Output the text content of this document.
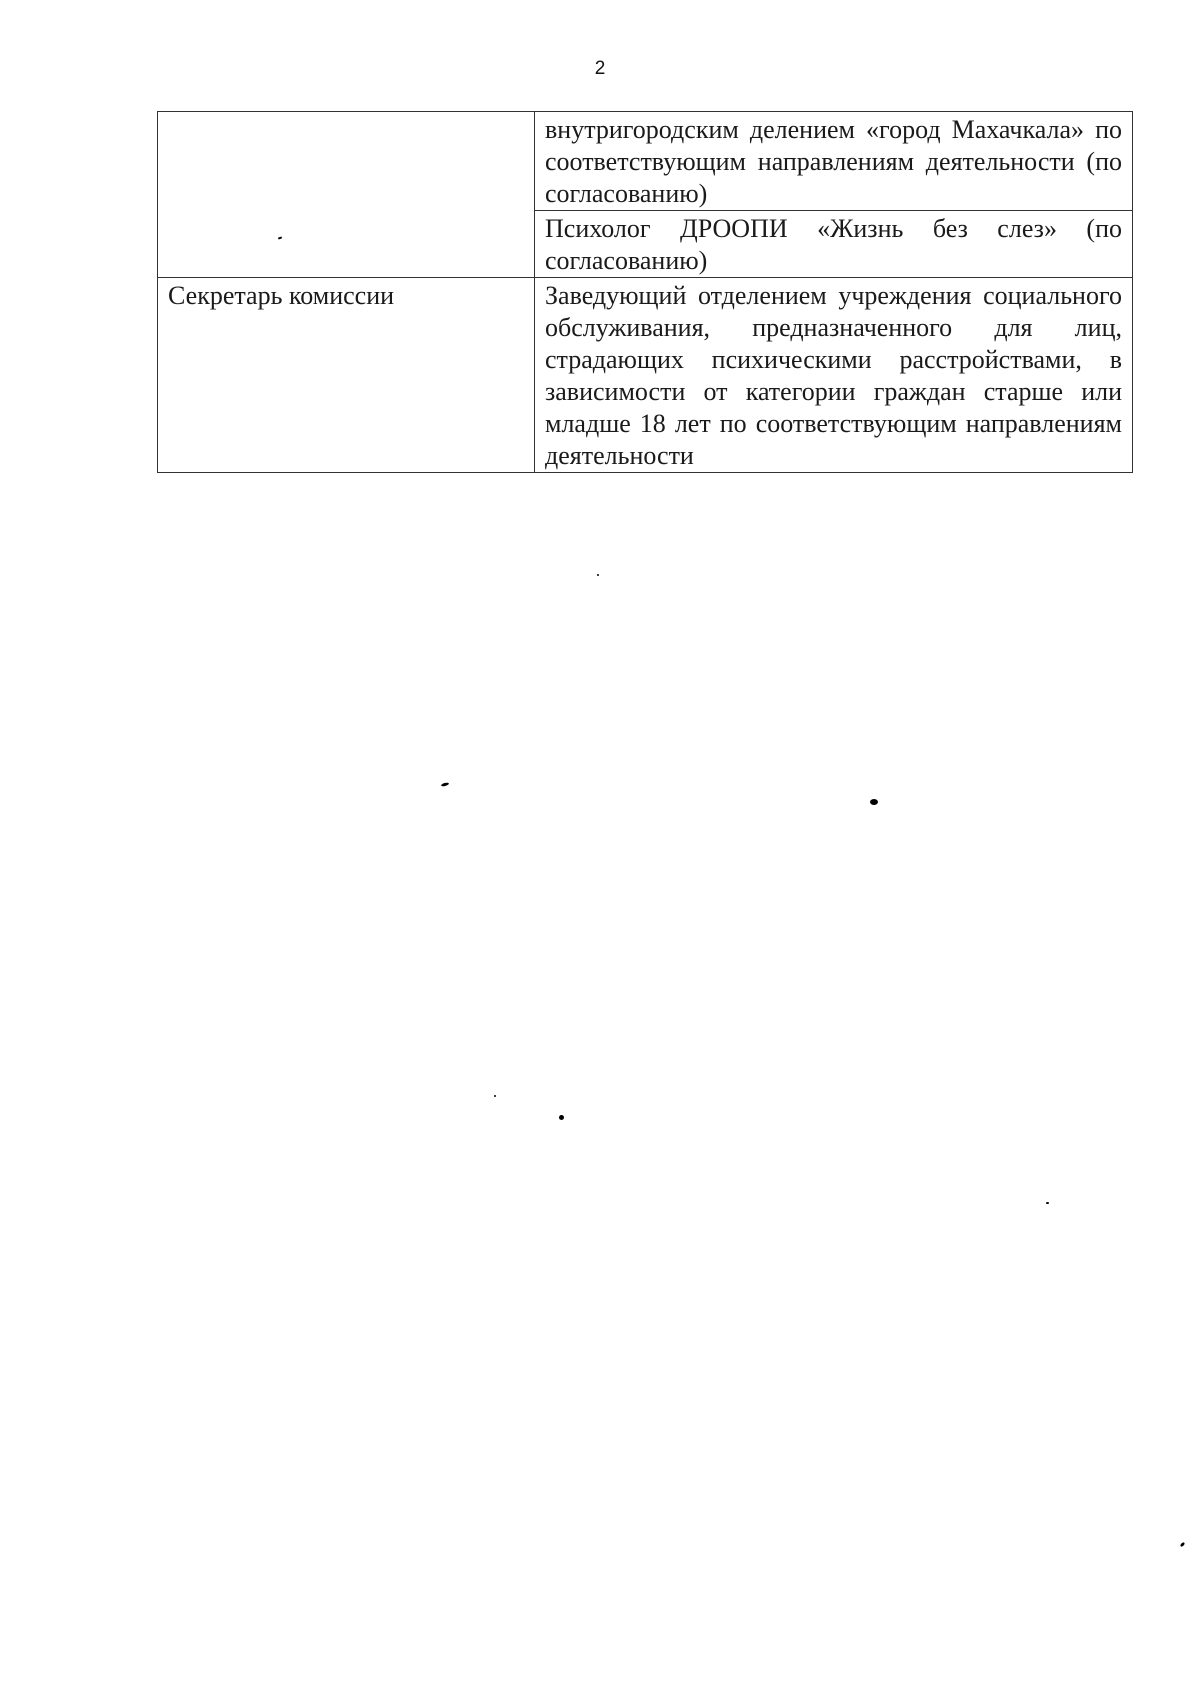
2
	внутригородским делением «город Махачкала» по соответствующим направлениям деятельности (по согласованию)
	Психолог ДРООПИ «Жизнь без слез» (по согласованию)
Секретарь комиссии	Заведующий отделением учреждения социального обслуживания, предназначенного для лиц, страдающих психическими расстройствами, в зависимости от категории граждан старше или младше 18 лет по соответствующим направлениям деятельности
